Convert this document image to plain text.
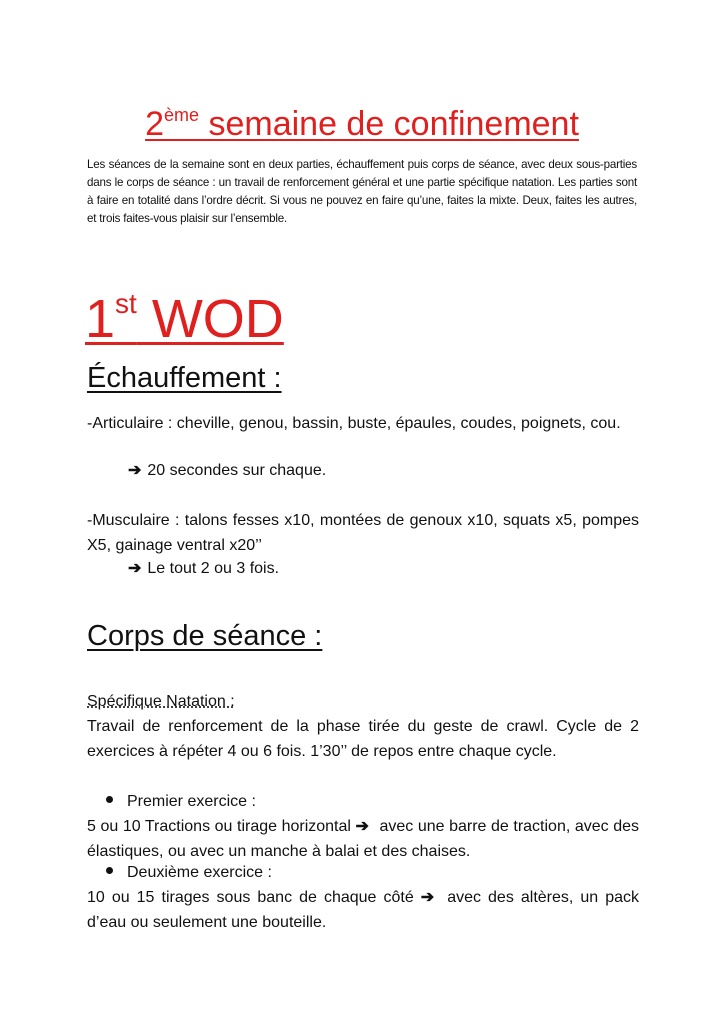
2ème semaine de confinement
Les séances de la semaine sont en deux parties, échauffement puis corps de séance, avec deux sous-parties dans le corps de séance : un travail de renforcement général et une partie spécifique natation. Les parties sont à faire en totalité dans l’ordre décrit. Si vous ne pouvez en faire qu’une, faites la mixte. Deux, faites les autres, et trois faites-vous plaisir sur l’ensemble.
1st WOD
Échauffement :
-Articulaire : cheville, genou, bassin, buste, épaules, coudes, poignets, cou.
➔ 20 secondes sur chaque.
-Musculaire : talons fesses x10, montées de genoux x10, squats x5, pompes X5, gainage ventral x20’’
➔ Le tout 2 ou 3 fois.
Corps de séance :
Spécifique Natation :
Travail de renforcement de la phase tirée du geste de crawl. Cycle de 2 exercices à répéter 4 ou 6 fois. 1’30’’ de repos entre chaque cycle.
Premier exercice :
5 ou 10 Tractions ou tirage horizontal ➔ avec une barre de traction, avec des élastiques, ou avec un manche à balai et des chaises.
Deuxième exercice :
10 ou 15 tirages sous banc de chaque côté ➔ avec des altères, un pack d’eau ou seulement une bouteille.
